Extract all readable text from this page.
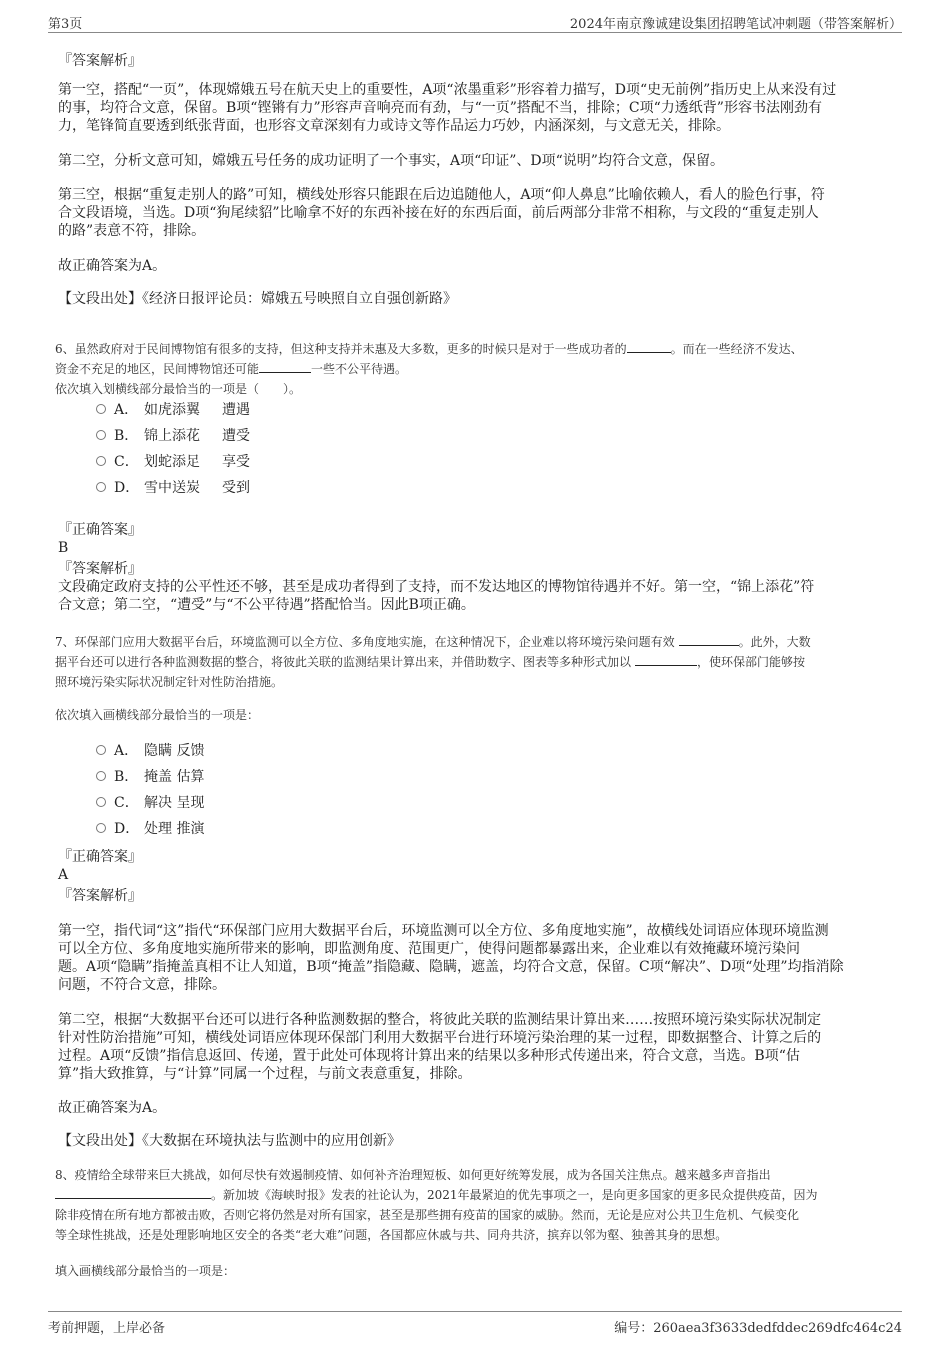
第3页	2024年南京豫诚建设集团招聘笔试冲刺题（带答案解析）
『答案解析』
第一空，搭配“一页”，体现嫦娥五号在航天史上的重要性，A项“浓墨重彩”形容着力描写，D项“史无前例”指历史上从来没有过
的事，均符合文意，保留。B项“铿锵有力”形容声音响亮而有劲，与“一页”搭配不当，排除；C项“力透纸背”形容书法刚劲有
力，笔锋简直要透到纸张背面，也形容文章深刻有力或诗文等作品运力巧妙，内涵深刻，与文意无关，排除。
第二空，分析文意可知，嫦娥五号任务的成功证明了一个事实，A项“印证”、D项“说明”均符合文意，保留。
第三空，根据“重复走别人的路”可知，横线处形容只能跟在后边追随他人，A项“仰人鼻息”比喻依赖人，看人的脸色行事，符
合文段语境，当选。D项“狗尾续貂”比喻拿不好的东西补接在好的东西后面，前后两部分非常不相称，与文段的“重复走别人
的路”表意不符，排除。
故正确答案为A。
【文段出处】《经济日报评论员：嫦娥五号映照自立自强创新路》
6、虽然政府对于民间博物馆有很多的支持，但这种支持并未惠及大多数，更多的时候只是对于一些成功者的	。而在一些经济不发达、
资金不充足的地区，民间博物馆还可能	一些不公平待遇。
依次填入划横线部分最恰当的一项是（　　）。
A． 如虎添翼 遭遇
B． 锦上添花 遭受
C． 划蛇添足 享受
D． 雪中送炭 受到
『正确答案』
B
『答案解析』
文段确定政府支持的公平性还不够，甚至是成功者得到了支持，而不发达地区的博物馆待遇并不好。第一空，“锦上添花”符
合文意；第二空，“遭受”与“不公平待遇”搭配恰当。因此B项正确。
7、环保部门应用大数据平台后，环境监测可以全方位、多角度地实施，在这种情况下，企业难以将环境污染问题有效	。此外，大数
据平台还可以进行各种监测数据的整合，将彼此关联的监测结果计算出来，并借助数字、图表等多种形式加以	，使环保部门能够按
照环境污染实际状况制定针对性防治措施。
依次填入画横线部分最恰当的一项是：
A． 隐瞒 反馈
B． 掩盖 估算
C． 解决 呈现
D． 处理 推演
『正确答案』
A
『答案解析』
第一空，指代词“这”指代“环保部门应用大数据平台后，环境监测可以全方位、多角度地实施”，故横线处词语应体现环境监测
可以全方位、多角度地实施所带来的影响，即监测角度、范围更广，使得问题都暴露出来，企业难以有效掩藏环境污染问
题。A项“隐瞒”指掩盖真相不让人知道，B项“掩盖”指隐藏、隐瞒，遮盖，均符合文意，保留。C项“解决”、D项“处理”均指消除
问题，不符合文意，排除。
第二空，根据“大数据平台还可以进行各种监测数据的整合，将彼此关联的监测结果计算出来……按照环境污染实际状况制定
针对性防治措施”可知，横线处词语应体现环保部门利用大数据平台进行环境污染治理的某一过程，即数据整合、计算之后的
过程。A项“反馈”指信息返回、传递，置于此处可体现将计算出来的结果以多种形式传递出来，符合文意，当选。B项“估
算”指大致推算，与“计算”同属一个过程，与前文表意重复，排除。
故正确答案为A。
【文段出处】《大数据在环境执法与监测中的应用创新》
8、疫情给全球带来巨大挑战，如何尽快有效遏制疫情、如何补齐治理短板、如何更好统筹发展，成为各国关注焦点。越来越多声音指出
。新加坡《海峡时报》发表的社论认为，2021年最紧迫的优先事项之一，是向更多国家的更多民众提供疫苗，因为
除非疫情在所有地方都被击败，否则它将仍然是对所有国家，甚至是那些拥有疫苗的国家的威胁。然而，无论是应对公共卫生危机、气候变化
等全球性挑战，还是处理影响地区安全的各类“老大难”问题，各国都应休戚与共、同舟共济，摈弃以邻为壑、独善其身的思想。
填入画横线部分最恰当的一项是：
考前押题，上岸必备	编号：260aea3f3633dedfddec269dfc464c24
